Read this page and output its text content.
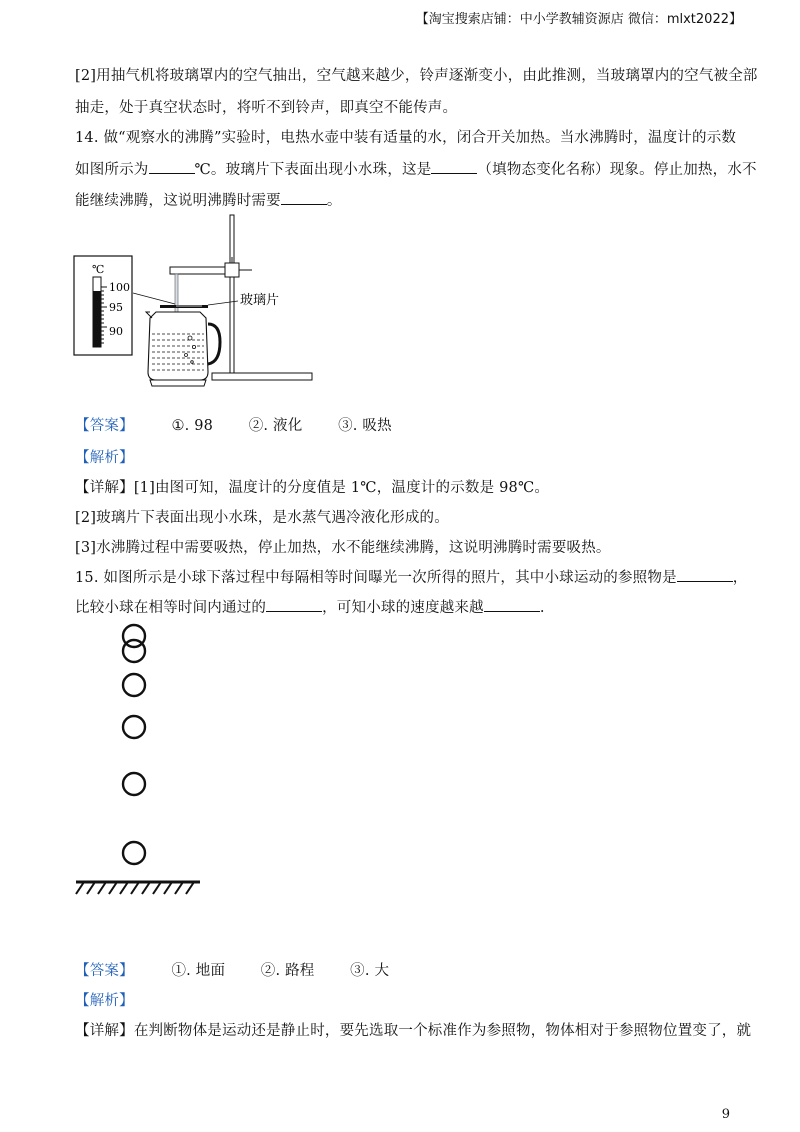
【淘宝搜索店铺：中小学教辅资源店 微信：mlxt2022】
[2]用抽气机将玻璃罩内的空气抽出，空气越来越少，铃声逐渐变小，由此推测，当玻璃罩内的空气被全部
抽走，处于真空状态时，将听不到铃声，即真空不能传声。
14. 做“观察水的沸腾”实验时，电热水壶中装有适量的水，闭合开关加热。当水沸腾时，温度计的示数
如图所示为	℃。玻璃片下表面出现小水珠，这是	（填物态变化名称）现象。停止加热，水不
能继续沸腾，这说明沸腾时需要	。
℃
100
95
90
玻璃片
【答案】	①. 98 ②. 液化 ③. 吸热
【解析】
【详解】[1]由图可知，温度计的分度值是 1℃，温度计的示数是 98℃。
[2]玻璃片下表面出现小水珠，是水蒸气遇冷液化形成的。
[3]水沸腾过程中需要吸热，停止加热，水不能继续沸腾，这说明沸腾时需要吸热。
15. 如图所示是小球下落过程中每隔相等时间曝光一次所得的照片，其中小球运动的参照物是	，
比较小球在相等时间内通过的	，可知小球的速度越来越	.
【答案】	①. 地面 ②. 路程 ③. 大
【解析】
【详解】在判断物体是运动还是静止时，要先选取一个标准作为参照物，物体相对于参照物位置变了，就
9
